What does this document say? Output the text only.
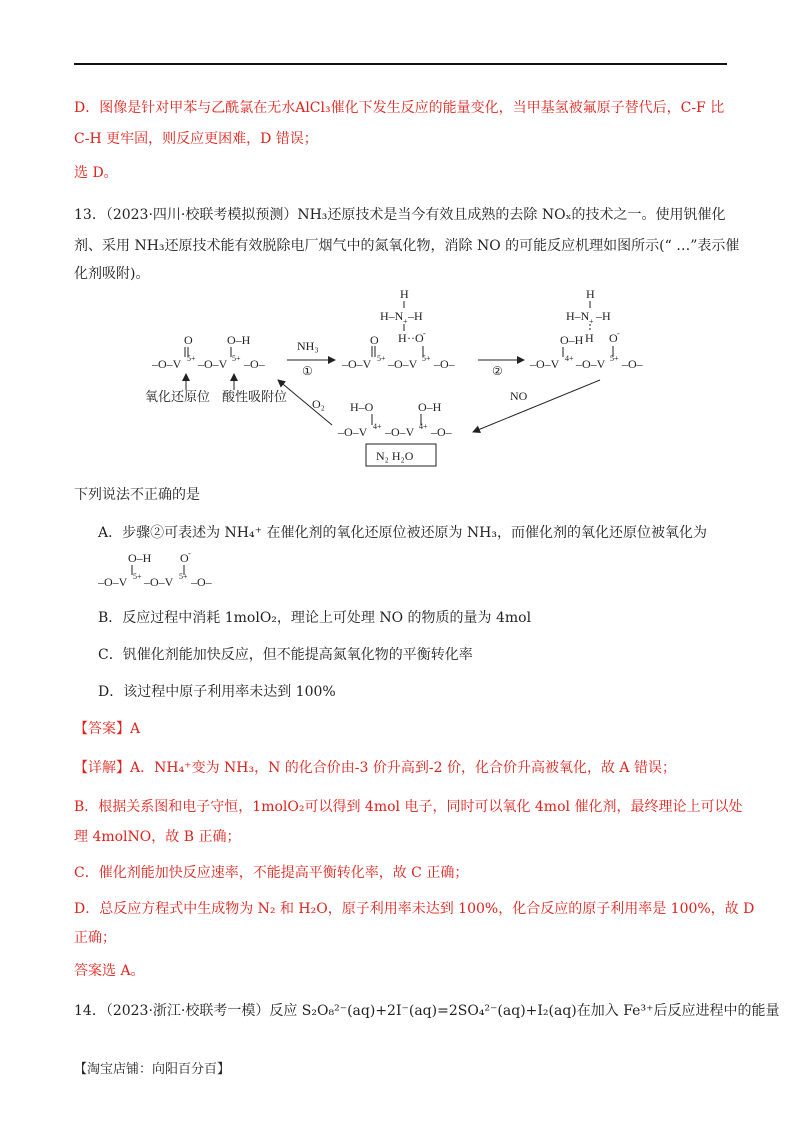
D．图像是针对甲苯与乙酰氯在无水AlCl₃催化下发生反应的能量变化，当甲基氢被氟原子替代后，C-F 比
C-H 更牢固，则反应更困难，D 错误；
选 D。
13．（2023·四川·校联考模拟预测）NH₃还原技术是当今有效且成熟的去除 NOₓ的技术之一。使用钒催化
剂、采用 NH₃还原技术能有效脱除电厂烟气中的氮氧化物，消除 NO 的可能反应机理如图所示(“ …”表示催
化剂吸附)。
–O–V 5+ –O–V 5+ –O–
O	O–H
氧化还原位 酸性吸附位
NH₃
①
H
H–N + –H
H ··O -
–O–V 5+ –O–V 5+ –O–
O
②
H
H–N + –H
H O -
O–H
–O–V 4+ –O–V 5+ –O–
NO
H–O	O–H
–O–V 4+ –O–V 4+ –O–
N₂ H₂O
O₂
下列说法不正确的是
A．步骤②可表述为 NH₄⁺ 在催化剂的氧化还原位被还原为 NH₃，而催化剂的氧化还原位被氧化为
O–H O -
–O–V 5+ –O–V 5+ –O–
B．反应过程中消耗 1molO₂，理论上可处理 NO 的物质的量为 4mol
C．钒催化剂能加快反应，但不能提高氮氧化物的平衡转化率
D．该过程中原子利用率未达到 100%
【答案】A
【详解】A．NH₄⁺变为 NH₃，N 的化合价由-3 价升高到-2 价，化合价升高被氧化，故 A 错误；
B．根据关系图和电子守恒，1molO₂可以得到 4mol 电子，同时可以氧化 4mol 催化剂，最终理论上可以处
理 4molNO，故 B 正确；
C．催化剂能加快反应速率，不能提高平衡转化率，故 C 正确；
D．总反应方程式中生成物为 N₂ 和 H₂O，原子利用率未达到 100%，化合反应的原子利用率是 100%，故 D
正确；
答案选 A。
14．（2023·浙江·校联考一模）反应 S₂O₈²⁻(aq)+2I⁻(aq)=2SO₄²⁻(aq)+I₂(aq)在加入 Fe³⁺后反应进程中的能量
【淘宝店铺：向阳百分百】
